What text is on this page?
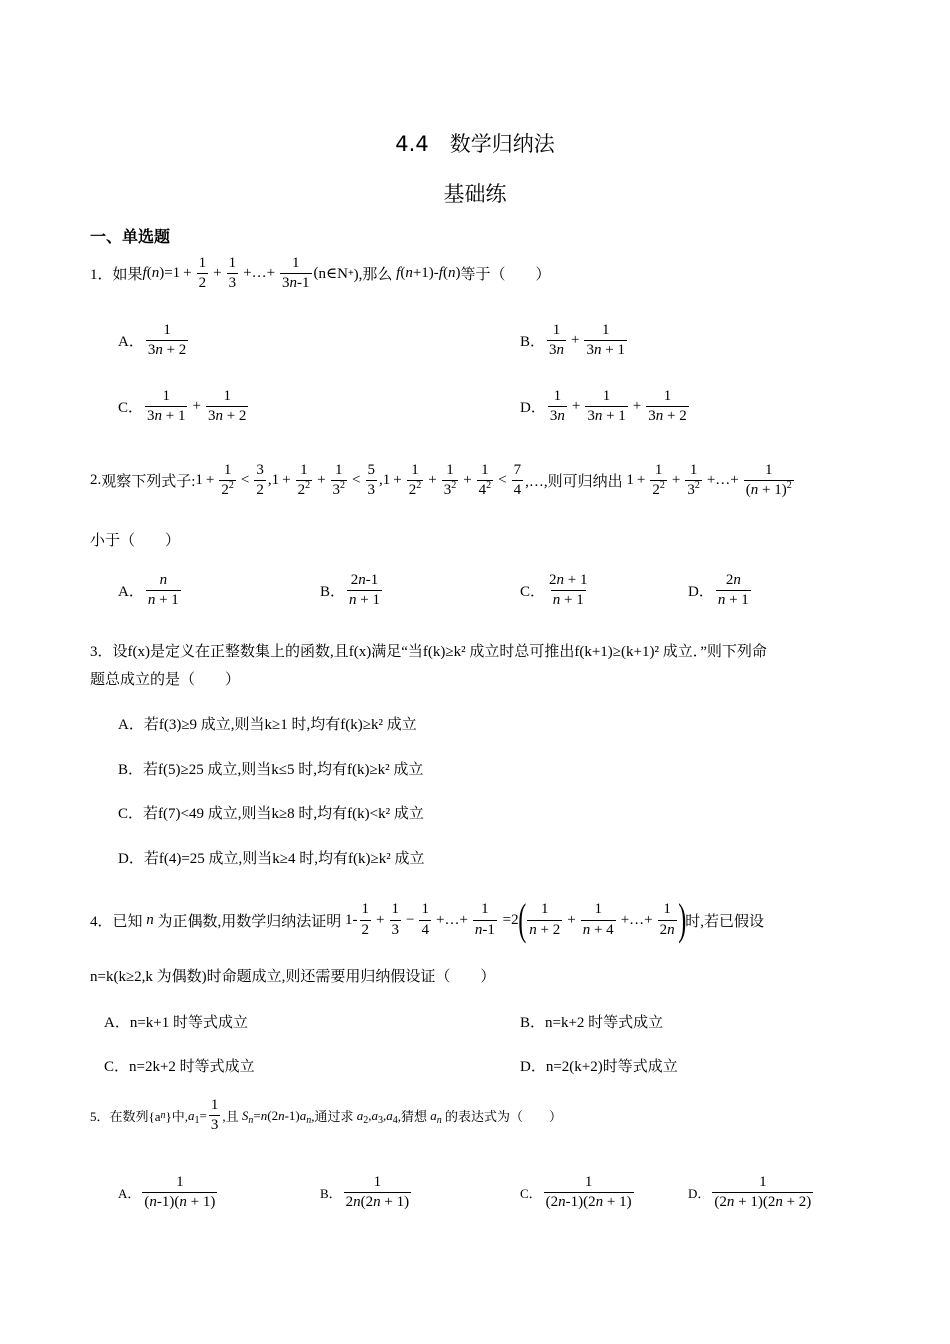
4.4　数学归纳法
基础练
一、单选题
1． 如果 $f(n)=1 + \frac{1}{2} + \frac{1}{3}$ +…+ $\frac{1}{3n-1}$ ( n∈N + ),那么 f(n+1)-f(n) 等于（　　）
A． $\frac{1}{3n + 2}$	B． $\frac{1}{3n} + \frac{1}{3n + 1}$
C． $\frac{1}{3n + 1} + \frac{1}{3n + 2}$	D． $\frac{1}{3n} + \frac{1}{3n + 1} + \frac{1}{3n + 2}$
2. 观察下列式子: $1 + \frac{1}{2^2} < \frac{3}{2} ,1 + \frac{1}{2^2} + \frac{1}{3^2} < \frac{5}{3} ,1 + \frac{1}{2^2} + \frac{1}{3^2} + \frac{1}{4^2} < \frac{7}{4}$ ,…,则可归纳出 $1 + \frac{1}{2^2} + \frac{1}{3^2}$ +…+ $\frac{1}{(n + 1)^2}$
小于（　　）
A． $\frac{n}{n + 1}$	B． $\frac{2n-1}{n + 1}$	C． $\frac{2n + 1}{n + 1}$	D． $\frac{2n}{n + 1}$
3．设f(x)是定义在正整数集上的函数,且f(x)满足“当f(k)≥k² 成立时总可推出f(k+1)≥(k+1)² 成立．”则下列命
题总成立的是（　　）
A．若f(3)≥9 成立,则当k≥1 时,均有f(k)≥k² 成立
B．若f(5)≥25 成立,则当k≤5 时,均有f(k)≥k² 成立
C．若f(7)<49 成立,则当k≥8 时,均有f(k)<k² 成立
D．若f(4)=25 成立,则当k≥4 时,均有f(k)≥k² 成立
4． 已知 n 为正偶数,用数学归纳法证明 $1- \frac{1}{2} + \frac{1}{3} - \frac{1}{4}$ +…+ $\frac{1}{n-1} =2$ ( $\frac{1}{n + 2} + \frac{1}{n + 4}$ +…+ $\frac{1}{2n}$ ) 时,若已假设
n=k(k≥2,k 为偶数)时命题成立,则还需要用归纳假设证（　　）
A．n=k+1 时等式成立	B．n=k+2 时等式成立
C．n=2k+2 时等式成立	D．n=2(k+2)时等式成立
5． 在数列{a n }中, $a_1= \frac{1}{3}$ ,且 $S_n=n(2n-1)a_n$ ,通过求 $a_2,a_3,a_4$ ,猜想 $a_n$ 的表达式为（　　）
A． $\frac{1}{(n-1)(n + 1)}$	B． $\frac{1}{2n(2n + 1)}$	C． $\frac{1}{(2n-1)(2n + 1)}$	D． $\frac{1}{(2n + 1)(2n + 2)}$
